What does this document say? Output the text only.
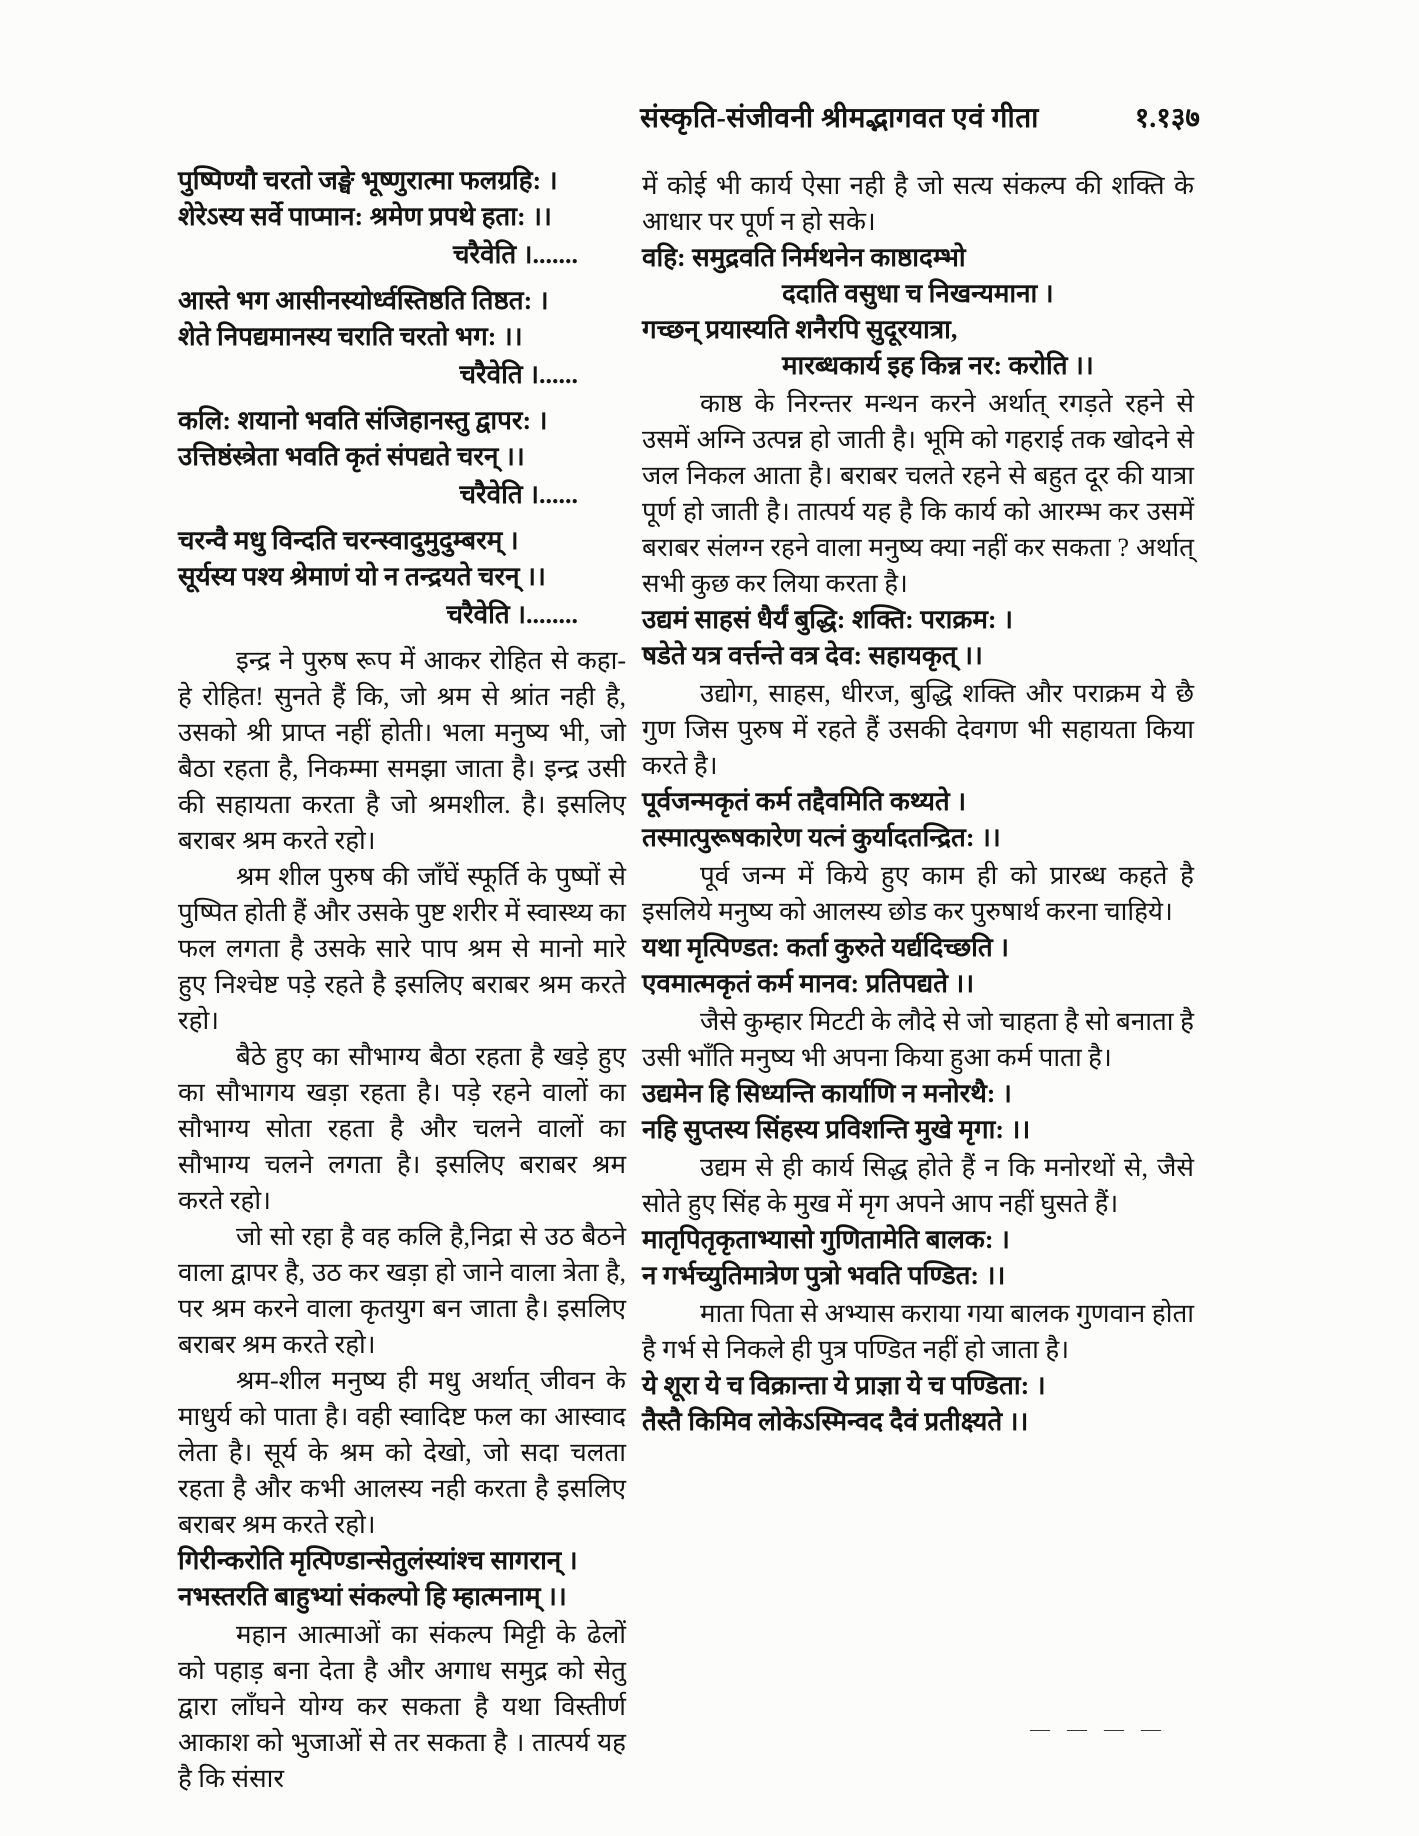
संस्कृति-संजीवनी श्रीमद्भागवत एवं गीता	१.१३७
पुष्पिण्यौ चरतो जङ्घे भूष्णुरात्मा फलग्रहि: ।
शेरेऽस्य सर्वे पाप्मान: श्रमेण प्रपथे हता: ।।
चरैवेति ।.......
आस्ते भग आसीनस्योर्ध्वस्तिष्ठति तिष्ठत: ।
शेते निपद्यमानस्य चराति चरतो भग: ।।
चरैवेति ।......
कलि: शयानो भवति संजिहानस्तु द्वापर: ।
उत्तिष्ठंस्त्रेता भवति कृतं संपद्यते चरन् ।।
चरैवेति ।......
चरन्वै मधु विन्दति चरन्स्वादुमुदुम्बरम् ।
सूर्यस्य पश्य श्रेमाणं यो न तन्द्रयते चरन् ।।
चरैवेति ।........

इन्द्र ने पुरुष रूप में आकर रोहित से कहा- हे रोहित! सुनते हैं कि, जो श्रम से श्रांत नही है, उसको श्री प्राप्त नहीं होती। भला मनुष्य भी, जो बैठा रहता है, निकम्मा समझा जाता है। इन्द्र उसी की सहायता करता है जो श्रमशील. है। इसलिए बराबर श्रम करते रहो।

श्रम शील पुरुष की जाँघें स्फूर्ति के पुष्पों से पुष्पित होती हैं और उसके पुष्ट शरीर में स्वास्थ्य का फल लगता है उसके सारे पाप श्रम से मानो मारे हुए निश्चेष्ट पड़े रहते है इसलिए बराबर श्रम करते रहो।

बैठे हुए का सौभाग्य बैठा रहता है खड़े हुए का सौभागय खड़ा रहता है। पड़े रहने वालों का सौभाग्य सोता रहता है और चलने वालों का सौभाग्य चलने लगता है। इसलिए बराबर श्रम करते रहो।

जो सो रहा है वह कलि है,निद्रा से उठ बैठने वाला द्वापर है, उठ कर खड़ा हो जाने वाला त्रेता है, पर श्रम करने वाला कृतयुग बन जाता है। इसलिए बराबर श्रम करते रहो।

श्रम-शील मनुष्य ही मधु अर्थात् जीवन के माधुर्य को पाता है। वही स्वादिष्ट फल का आस्वाद लेता है। सूर्य के श्रम को देखो, जो सदा चलता रहता है और कभी आलस्य नही करता है इसलिए बराबर श्रम करते रहो।

गिरीन्करोति मृत्पिण्डान्सेतुलंस्यांश्च सागरान् ।
नभस्तरति बाहुभ्यां संकल्पो हि म्हात्मनाम् ।।

महान आत्माओं का संकल्प मिट्टी के ढेलों को पहाड़ बना देता है और अगाध समुद्र को सेतु द्वारा लाँघने योग्य कर सकता है यथा विस्तीर्ण आकाश को भुजाओं से तर सकता है । तात्पर्य यह है कि संसार

में कोई भी कार्य ऐसा नही है जो सत्य संकल्प की शक्ति के आधार पर पूर्ण न हो सके।

वहि: समुद्रवति निर्मथनेन काष्ठादम्भो
ददाति वसुधा च निखन्यमाना ।
गच्छन् प्रयास्यति शनैरपि सुदूरयात्रा,
मारब्धकार्य इह किन्न नर: करोति ।।

काष्ठ के निरन्तर मन्थन करने अर्थात् रगड़ते रहने से उसमें अग्नि उत्पन्न हो जाती है। भूमि को गहराई तक खोदने से जल निकल आता है। बराबर चलते रहने से बहुत दूर की यात्रा पूर्ण हो जाती है। तात्पर्य यह है कि कार्य को आरम्भ कर उसमें बराबर संलग्न रहने वाला मनुष्य क्या नहीं कर सकता ? अर्थात् सभी कुछ कर लिया करता है।

उद्यमं साहसं धैर्यं बुद्धि: शक्ति: पराक्रम: ।
षडेते यत्र वर्त्तन्ते वत्र देव: सहायकृत् ।।

उद्योग, साहस, धीरज, बुद्धि शक्ति और पराक्रम ये छै गुण जिस पुरुष में रहते हैं उसकी देवगण भी सहायता किया करते है।

पूर्वजन्मकृतं कर्म तद्दैवमिति कथ्यते ।
तस्मात्पुरूषकारेण यत्नं कुर्यादतन्द्रित: ।।

पूर्व जन्म में किये हुए काम ही को प्रारब्ध कहते है इसलिये मनुष्य को आलस्य छोड कर पुरुषार्थ करना चाहिये।

यथा मृत्पिण्डत: कर्ता कुरुते यर्द्यदिच्छति ।
एवमात्मकृतं कर्म मानव: प्रतिपद्यते ।।

जैसे कुम्हार मिटटी के लौदे से जो चाहता है सो बनाता है उसी भाँति मनुष्य भी अपना किया हुआ कर्म पाता है।

उद्यमेन हि सिध्यन्ति कार्याणि न मनोरथै: ।
नहि सुप्तस्य सिंहस्य प्रविशन्ति मुखे मृगा: ।।

उद्यम से ही कार्य सिद्ध होते हैं न कि मनोरथों से, जैसे सोते हुए सिंह के मुख में मृग अपने आप नहीं घुसते हैं।

मातृपितृकृताभ्यासो गुणितामेति बालक: ।
न गर्भच्युतिमात्रेण पुत्रो भवति पण्डित: ।।

माता पिता से अभ्यास कराया गया बालक गुणवान होता है गर्भ से निकले ही पुत्र पण्डित नहीं हो जाता है।

ये शूरा ये च विक्रान्ता ये प्राज्ञा ये च पण्डिता: ।
तैस्तै किमिव लोकेऽस्मिन्वद दैवं प्रतीक्ष्यते ।।
— — — —
